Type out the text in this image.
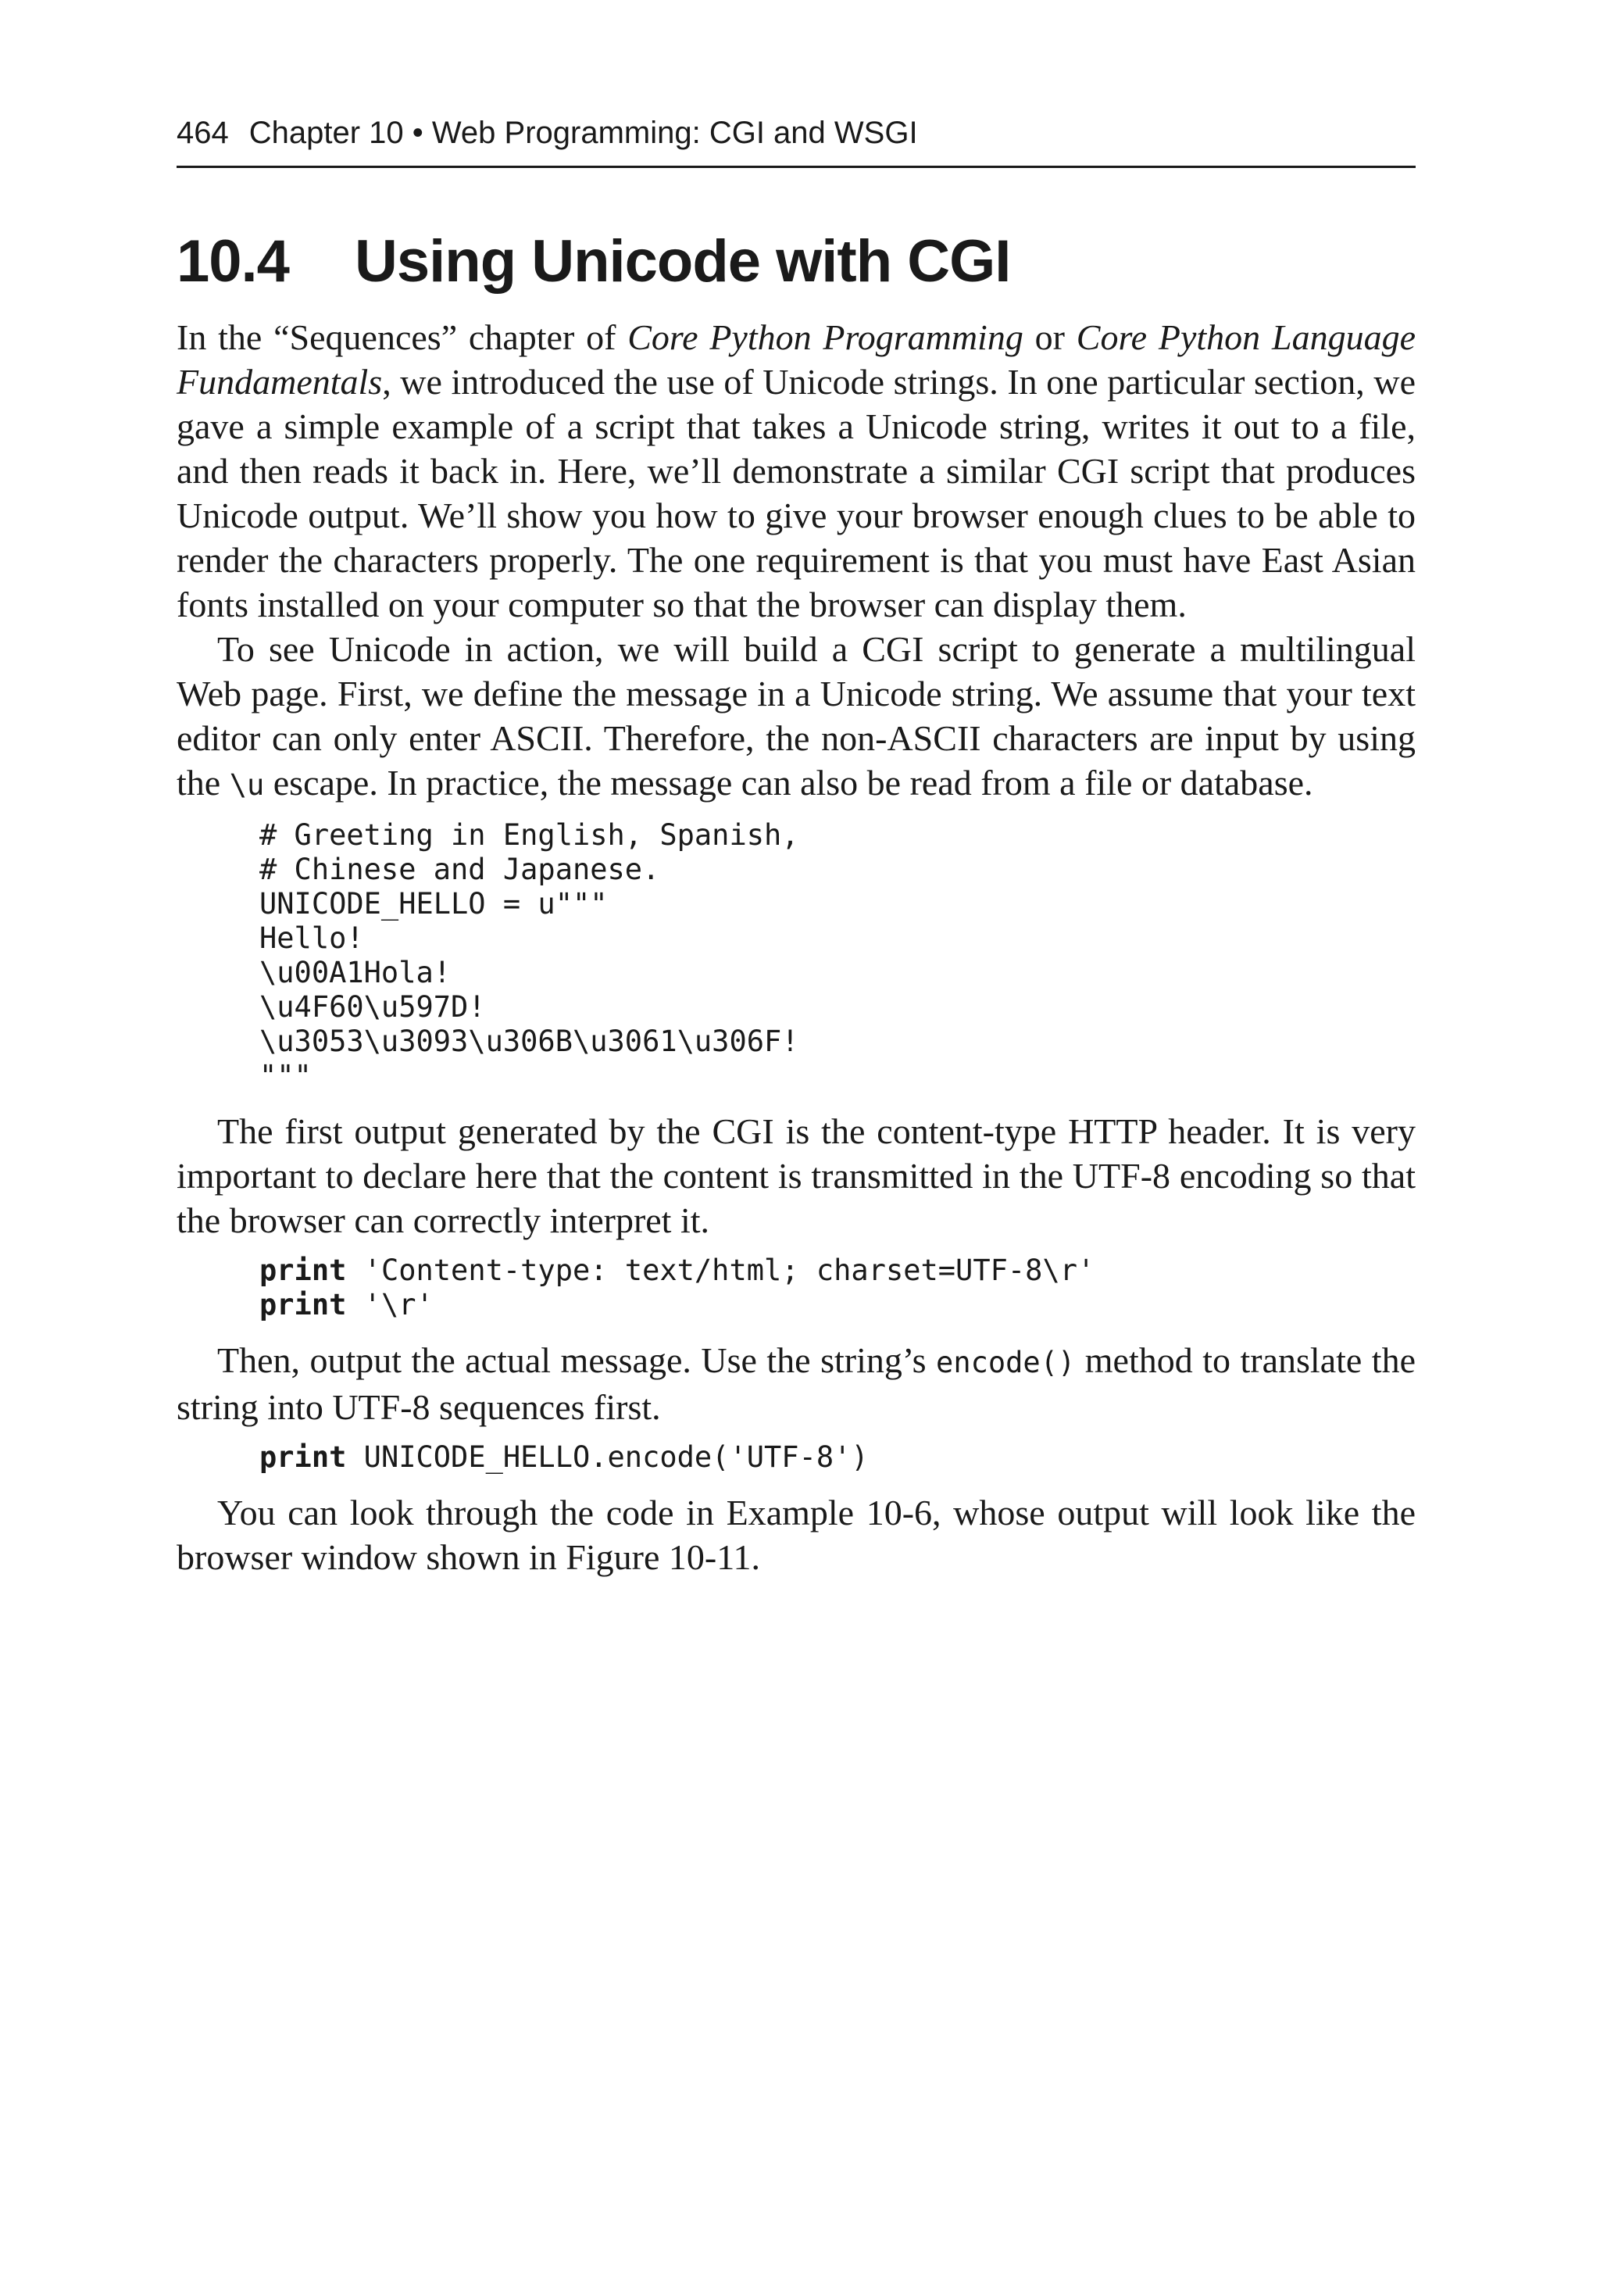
464 Chapter 10 • Web Programming: CGI and WSGI
10.4 Using Unicode with CGI

In the “Sequences” chapter of Core Python Programming or Core Python Language Fundamentals, we introduced the use of Unicode strings. In one particular section, we gave a simple example of a script that takes a Unicode string, writes it out to a file, and then reads it back in. Here, we’ll demonstrate a similar CGI script that produces Unicode output. We’ll show you how to give your browser enough clues to be able to render the characters properly. The one requirement is that you must have East Asian fonts installed on your computer so that the browser can display them.

To see Unicode in action, we will build a CGI script to generate a multilingual Web page. First, we define the message in a Unicode string. We assume that your text editor can only enter ASCII. Therefore, the non-ASCII characters are input by using the \u escape. In practice, the message can also be read from a file or database.

# Greeting in English, Spanish,
# Chinese and Japanese.
UNICODE_HELLO = u"""
Hello!
\u00A1Hola!
\u4F60\u597D!
\u3053\u3093\u306B\u3061\u306F!
"""

The first output generated by the CGI is the content-type HTTP header. It is very important to declare here that the content is transmitted in the UTF-8 encoding so that the browser can correctly interpret it.

print 'Content-type: text/html; charset=UTF-8\r'
print '\r'

Then, output the actual message. Use the string’s encode() method to translate the string into UTF-8 sequences first.

print UNICODE_HELLO.encode('UTF-8')

You can look through the code in Example 10-6, whose output will look like the browser window shown in Figure 10-11.
